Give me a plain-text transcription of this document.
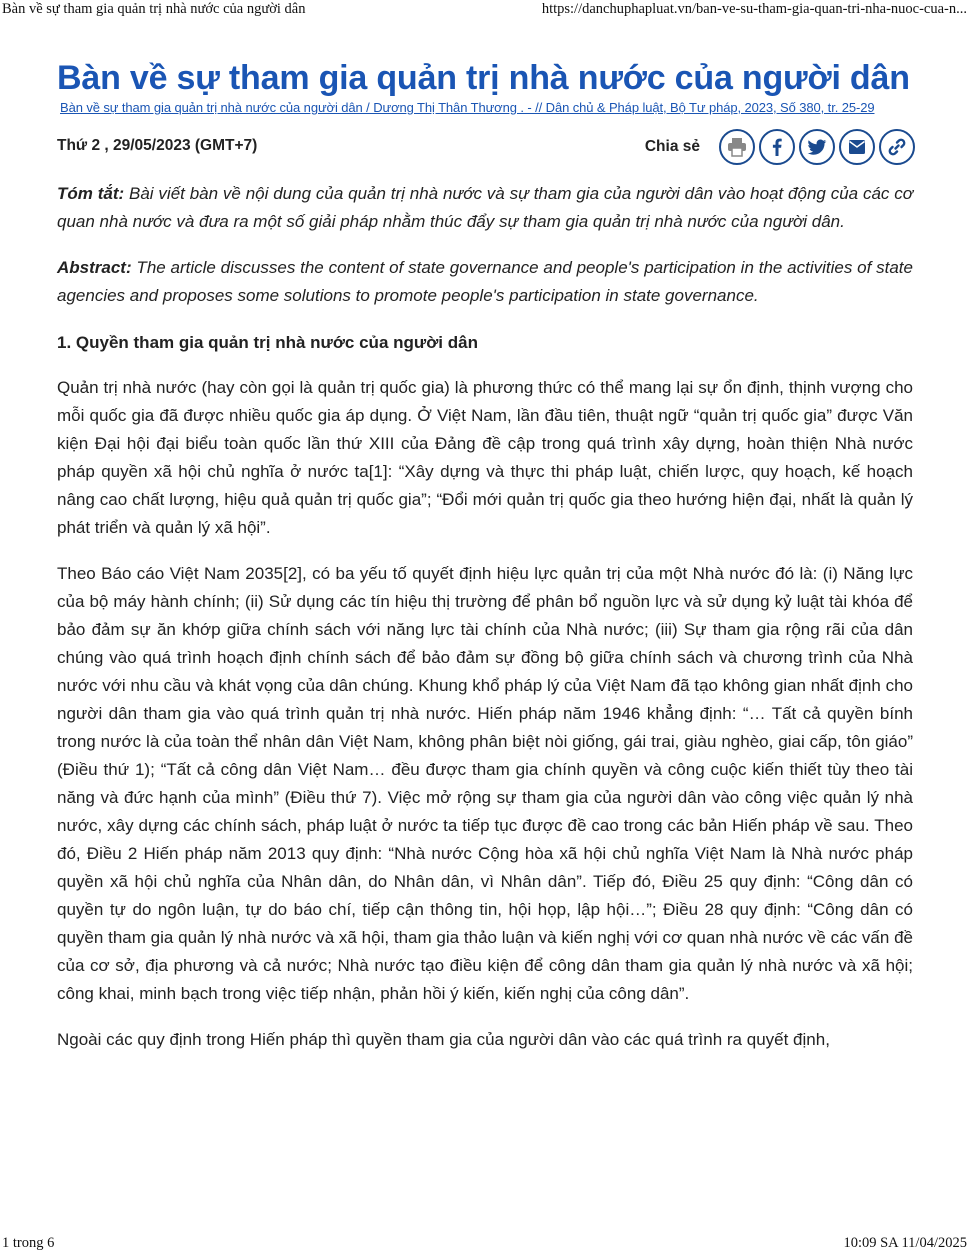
Bàn về sự tham gia quản trị nhà nước của người dân	https://danchuphapluat.vn/ban-ve-su-tham-gia-quan-tri-nha-nuoc-cua-n...
Bàn về sự tham gia quản trị nhà nước của người dân
Bàn về sự tham gia quản trị nhà nước của người dân / Dương Thị Thân Thương . - // Dân chủ & Pháp luật, Bộ Tư pháp, 2023, Số 380, tr. 25-29
Thứ 2 , 29/05/2023 (GMT+7)	Chia sẻ

Tóm tắt: Bài viết bàn về nội dung của quản trị nhà nước và sự tham gia của người dân vào hoạt động của các cơ quan nhà nước và đưa ra một số giải pháp nhằm thúc đẩy sự tham gia quản trị nhà nước của người dân.

Abstract: The article discusses the content of state governance and people's participation in the activities of state agencies and proposes some solutions to promote people's participation in state governance.

1. Quyền tham gia quản trị nhà nước của người dân

Quản trị nhà nước (hay còn gọi là quản trị quốc gia) là phương thức có thể mang lại sự ổn định, thịnh vượng cho mỗi quốc gia đã được nhiều quốc gia áp dụng. Ở Việt Nam, lần đầu tiên, thuật ngữ “quản trị quốc gia” được Văn kiện Đại hội đại biểu toàn quốc lần thứ XIII của Đảng đề cập trong quá trình xây dựng, hoàn thiện Nhà nước pháp quyền xã hội chủ nghĩa ở nước ta[1]: “Xây dựng và thực thi pháp luật, chiến lược, quy hoạch, kế hoạch nâng cao chất lượng, hiệu quả quản trị quốc gia”; “Đổi mới quản trị quốc gia theo hướng hiện đại, nhất là quản lý phát triển và quản lý xã hội”.

Theo Báo cáo Việt Nam 2035[2], có ba yếu tố quyết định hiệu lực quản trị của một Nhà nước đó là: (i) Năng lực của bộ máy hành chính; (ii) Sử dụng các tín hiệu thị trường để phân bổ nguồn lực và sử dụng kỷ luật tài khóa để bảo đảm sự ăn khớp giữa chính sách với năng lực tài chính của Nhà nước; (iii) Sự tham gia rộng rãi của dân chúng vào quá trình hoạch định chính sách để bảo đảm sự đồng bộ giữa chính sách và chương trình của Nhà nước với nhu cầu và khát vọng của dân chúng. Khung khổ pháp lý của Việt Nam đã tạo không gian nhất định cho người dân tham gia vào quá trình quản trị nhà nước. Hiến pháp năm 1946 khẳng định: “… Tất cả quyền bính trong nước là của toàn thể nhân dân Việt Nam, không phân biệt nòi giống, gái trai, giàu nghèo, giai cấp, tôn giáo” (Điều thứ 1); “Tất cả công dân Việt Nam… đều được tham gia chính quyền và công cuộc kiến thiết tùy theo tài năng và đức hạnh của mình” (Điều thứ 7). Việc mở rộng sự tham gia của người dân vào công việc quản lý nhà nước, xây dựng các chính sách, pháp luật ở nước ta tiếp tục được đề cao trong các bản Hiến pháp về sau. Theo đó, Điều 2 Hiến pháp năm 2013 quy định: “Nhà nước Cộng hòa xã hội chủ nghĩa Việt Nam là Nhà nước pháp quyền xã hội chủ nghĩa của Nhân dân, do Nhân dân, vì Nhân dân”. Tiếp đó, Điều 25 quy định: “Công dân có quyền tự do ngôn luận, tự do báo chí, tiếp cận thông tin, hội họp, lập hội…”; Điều 28 quy định: “Công dân có quyền tham gia quản lý nhà nước và xã hội, tham gia thảo luận và kiến nghị với cơ quan nhà nước về các vấn đề của cơ sở, địa phương và cả nước; Nhà nước tạo điều kiện để công dân tham gia quản lý nhà nước và xã hội; công khai, minh bạch trong việc tiếp nhận, phản hồi ý kiến, kiến nghị của công dân”.

Ngoài các quy định trong Hiến pháp thì quyền tham gia của người dân vào các quá trình ra quyết định,

1 trong 6	10:09 SA 11/04/2025
